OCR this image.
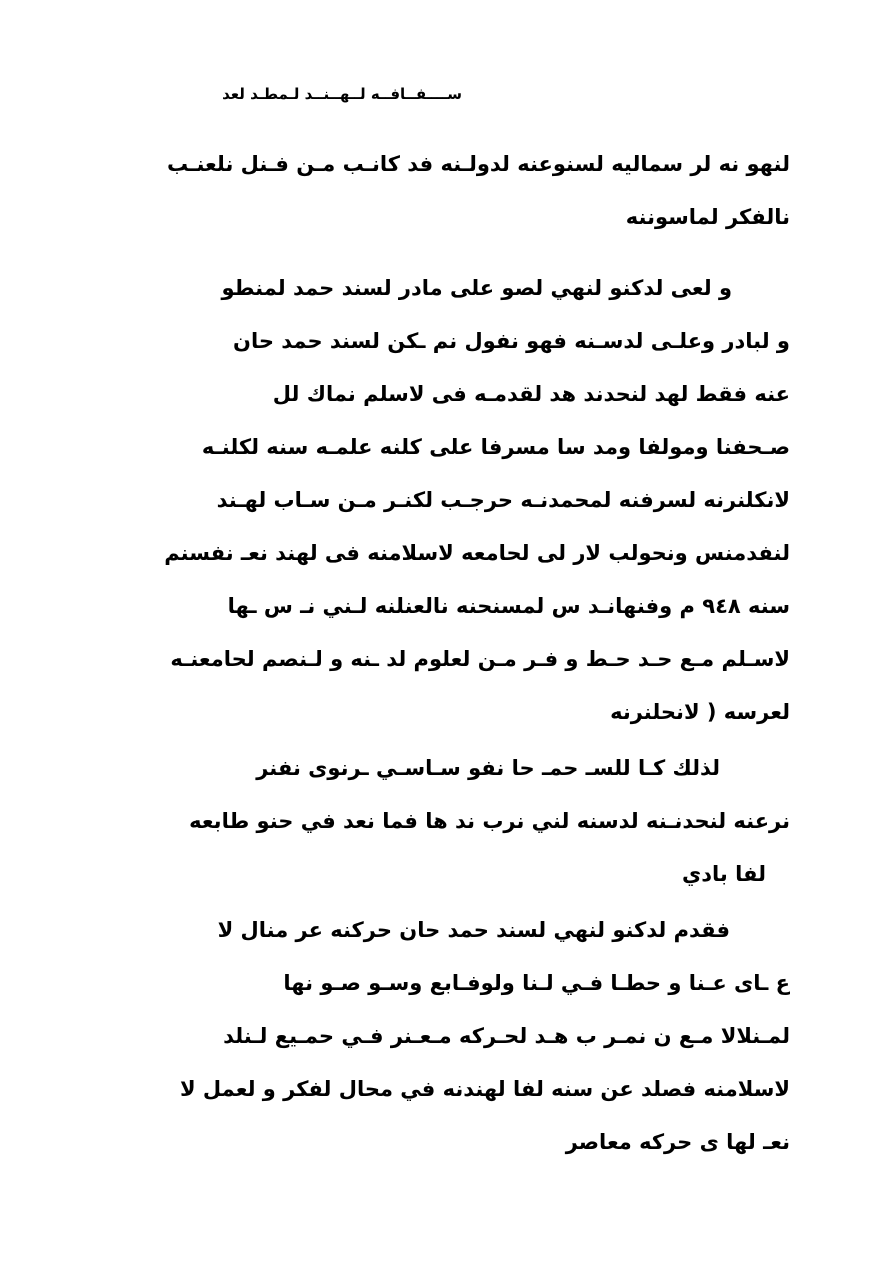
ســــفــافــه لــهــنــد لـمطـد لعد
لنهو نه لر سماليه لسنوعنه لدولـنه فد كانـب مـن فـنل نلعنـب
نالفكر لماسوننه
و لعى لدكنو لنهي لصو على مادر لسند حمد لمنطو
و لبادر وعلـى لدسـنه فهو نفول نم ـكن لسند حمد حان
عنه فقط لهد لنحدند هد لقدمـه فى لاسلم نماك لل
صـحفنا ومولفا ومد سا مسرفا على كلنه علمـه سنه لكلنـه
لانكلنرنه لسرفنه لمحمدنـه حرجـب لكنـر مـن سـاب لهـند
لنفدمنس ونحولب لار لى لحامعه لاسلامنه فى لهند نعـ نفسنم
سنه ٩٤٨ م وفنهانـد س لمسنحنه نالعنلنه لـني نـ س ـها
لاسـلم مـع حـد حـط و فـر مـن لعلوم لد ـنه و لـنصم لحامعنـه
لعرسه ( لانحلنرنه
لذلك كـا للسـ حمـ حا نفو سـاسـي ـرنوى نفنر
نرعنه لنحدنـنه لدسنه لني نرب ند ها فما نعد في حنو طابعه
لفا بادي
فقدم لدكنو لنهي لسند حمد حان حركنه عر منال لا
ع ـاى عـنا و حطـا فـي لـنا ولوفـابع وسـو صـو نها
لمـنلالا مـع ن نمـر ب هـد لحـركه مـعـنر فـي حمـيع لـنلد
لاسلامنه فصلد عن سنه لفا لهندنه في محال لفكر و لعمل لا
نعـ لها ى حركه معاصر
